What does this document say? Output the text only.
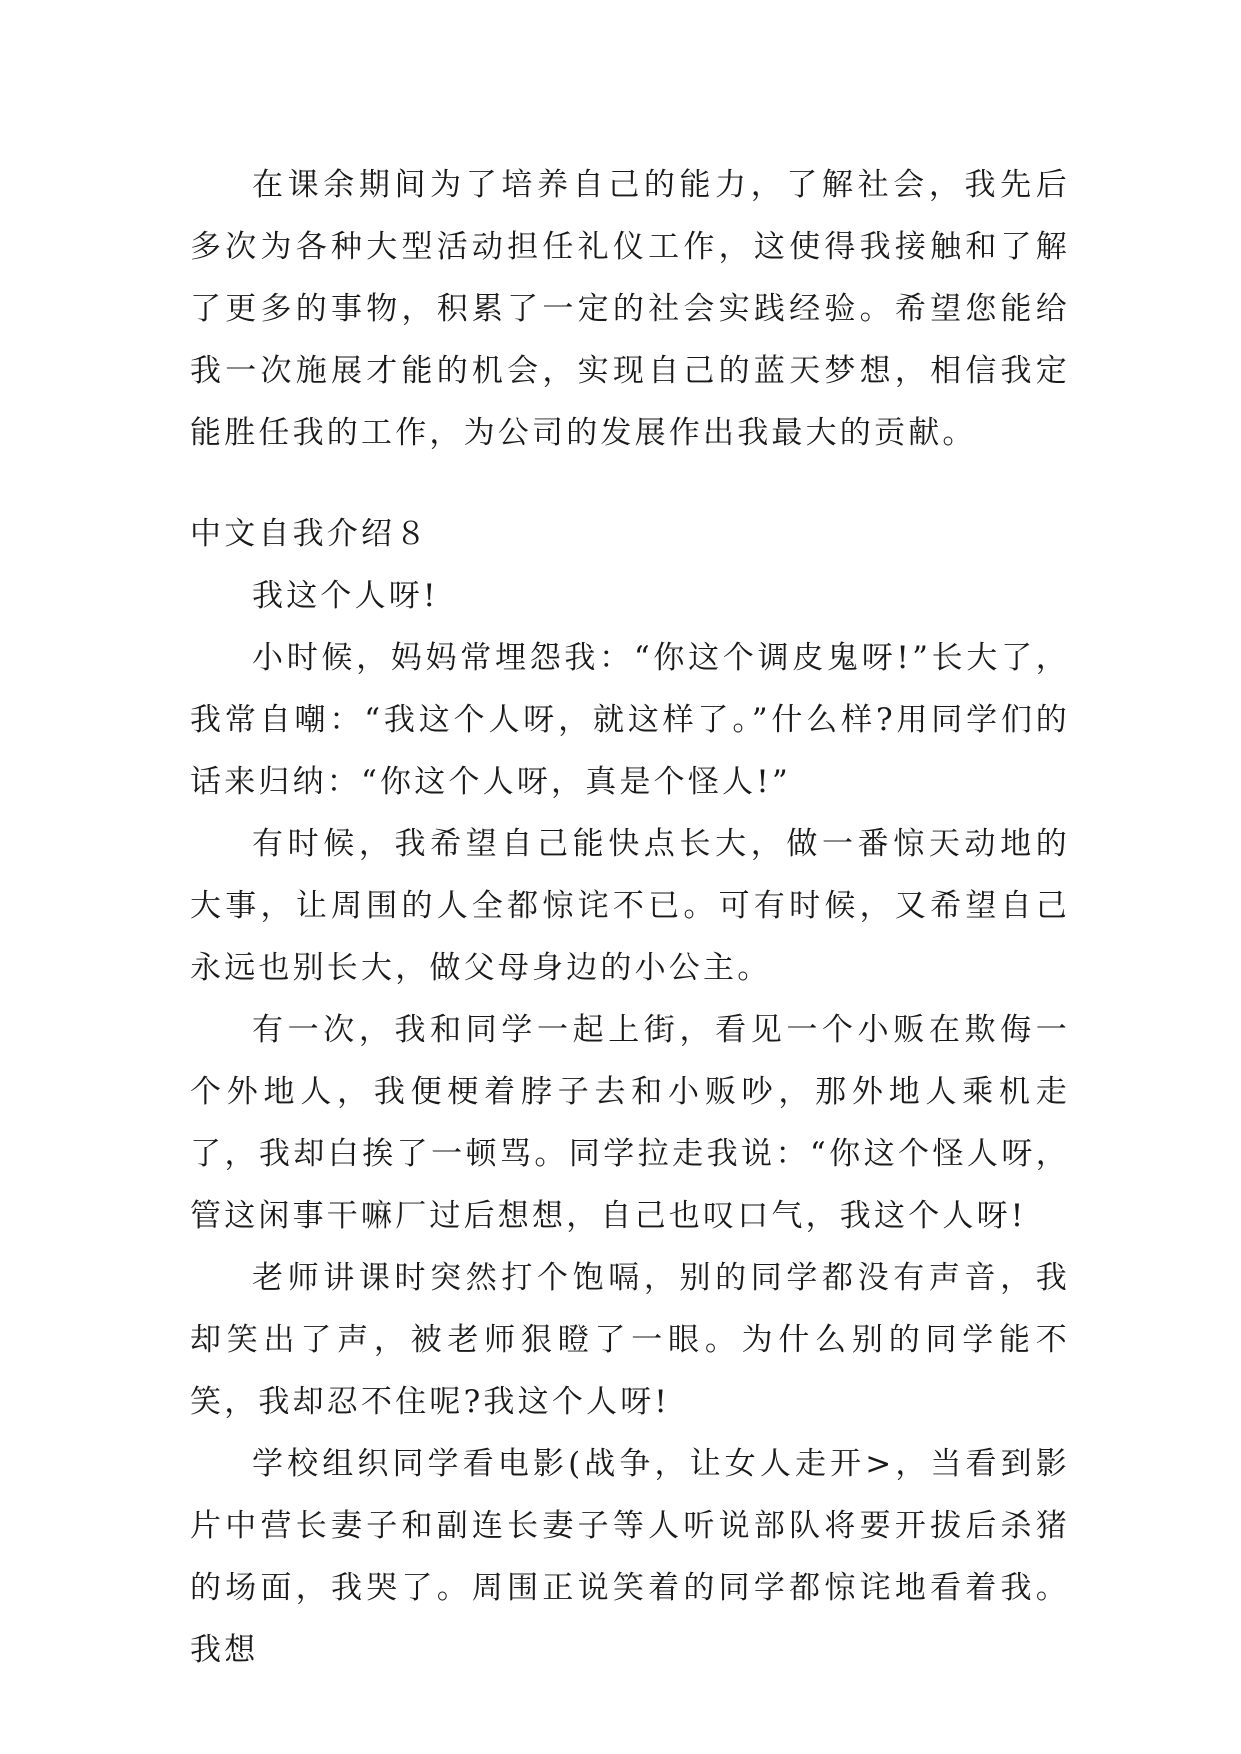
在课余期间为了培养自己的能力，了解社会，我先后多次为各种大型活动担任礼仪工作，这使得我接触和了解了更多的事物，积累了一定的社会实践经验。希望您能给我一次施展才能的机会，实现自己的蓝天梦想，相信我定能胜任我的工作，为公司的发展作出我最大的贡献。

中文自我介绍８

我这个人呀!

小时候，妈妈常埋怨我：“你这个调皮鬼呀!”长大了，我常自嘲：“我这个人呀，就这样了。”什么样?用同学们的话来归纳：“你这个人呀，真是个怪人!”

有时候，我希望自己能快点长大，做一番惊天动地的大事，让周围的人全都惊诧不已。可有时候，又希望自己永远也别长大，做父母身边的小公主。

有一次，我和同学一起上街，看见一个小贩在欺侮一个外地人，我便梗着脖子去和小贩吵，那外地人乘机走了，我却白挨了一顿骂。同学拉走我说：“你这个怪人呀，管这闲事干嘛厂过后想想，自己也叹口气，我这个人呀!

老师讲课时突然打个饱嗝，别的同学都没有声音，我却笑出了声，被老师狠瞪了一眼。为什么别的同学能不笑，我却忍不住呢?我这个人呀!

学校组织同学看电影(战争，让女人走开>，当看到影片中营长妻子和副连长妻子等人听说部队将要开拔后杀猪的场面，我哭了。周围正说笑着的同学都惊诧地看着我。我想
